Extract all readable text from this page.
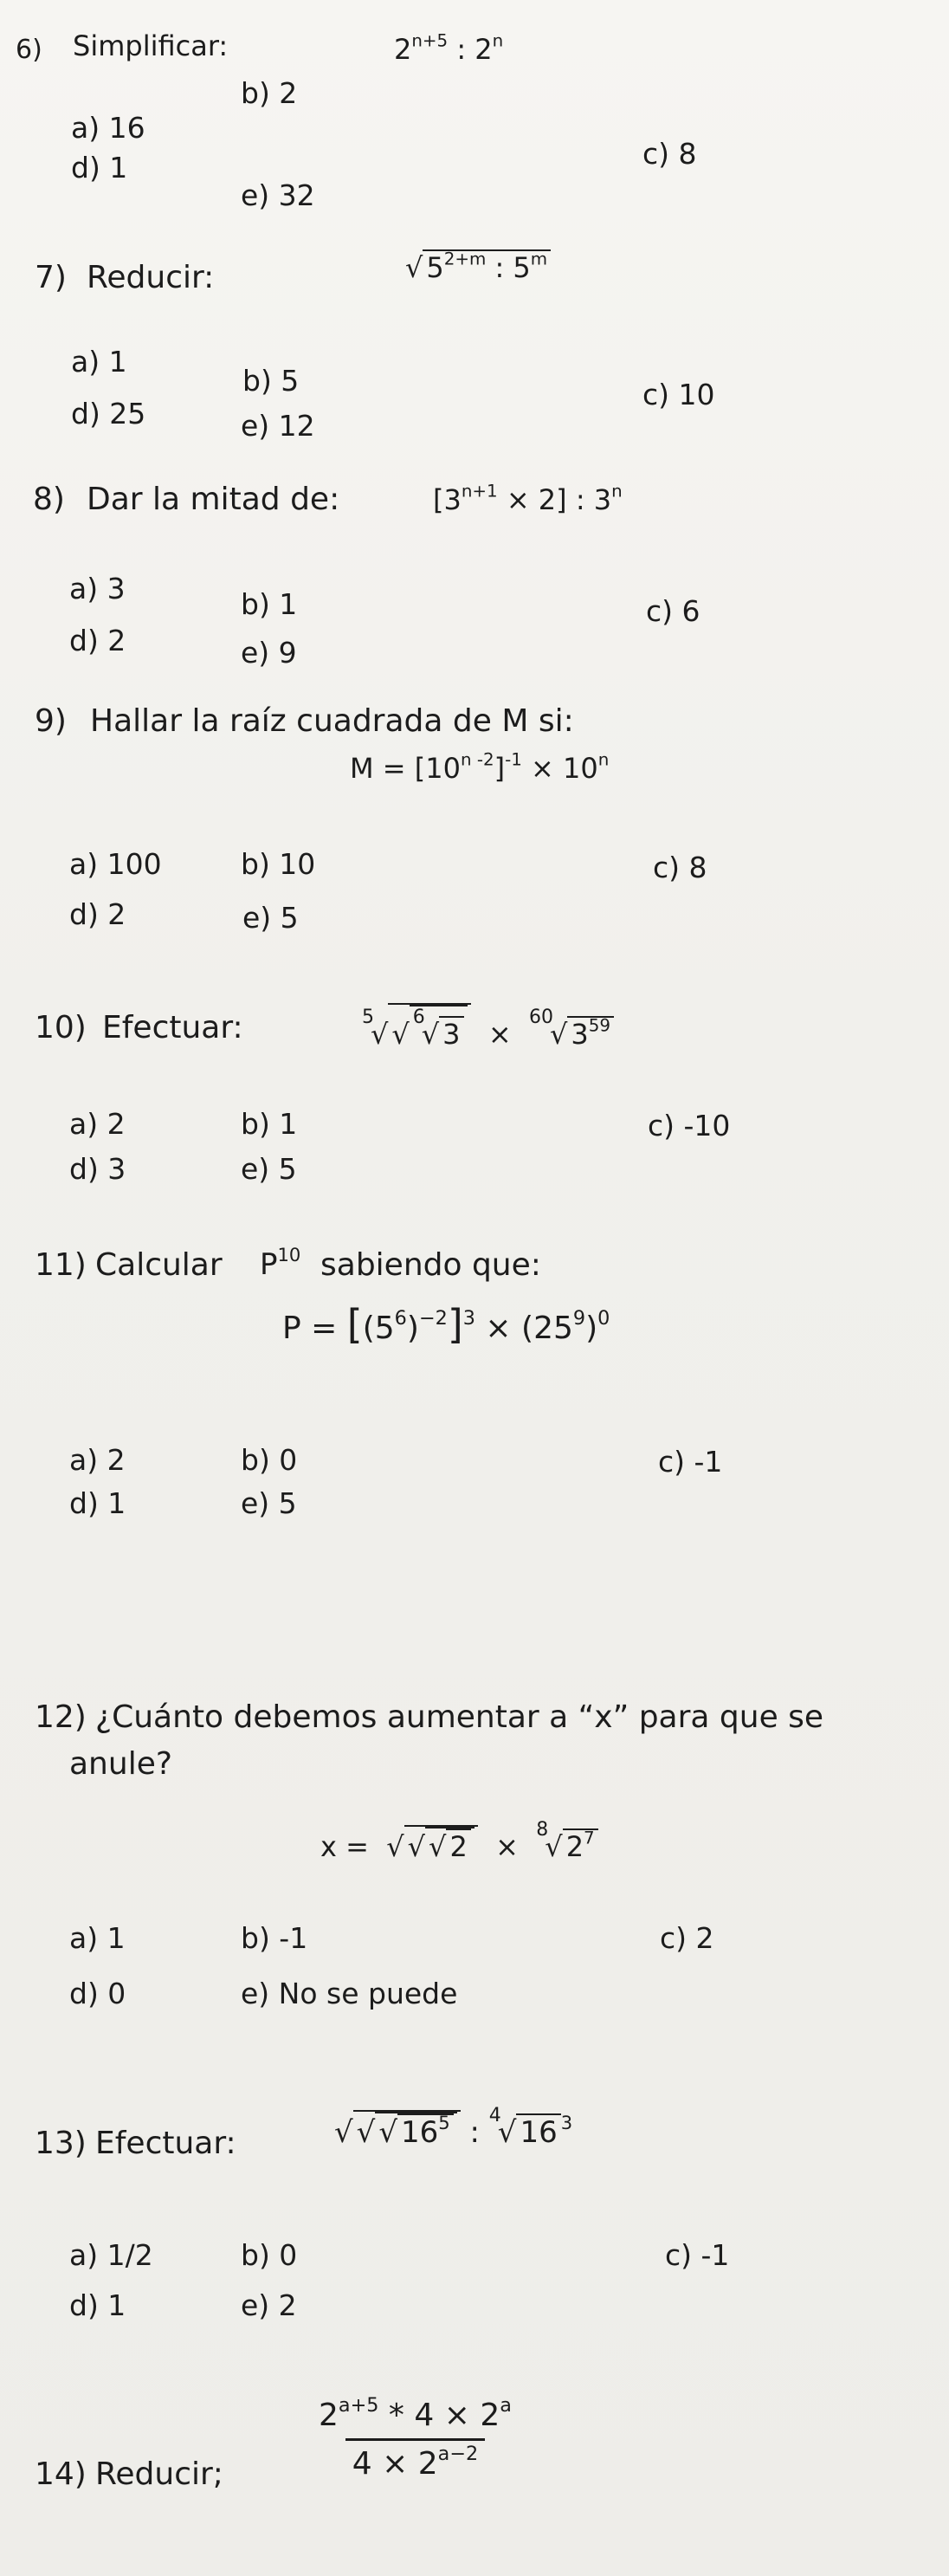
6) Simplificar:	$2^{n+5}$ : 2$^n$
a) 16
b) 2
c) 8
d) 1
e) 32
7) Reducir:	√ $5^{2+m}$ : 5$^m$
a) 1
b) 5	c) 10
d) 25	e) 12
8) Dar la mitad de:	$[3^{n+1} \times 2]$ : 3$^n$
a) 3	b) 1	c) 6
d) 2	e) 9
9) Hallar la raíz cuadrada de M si:
$M = [10^{n -2}]^{-1} \times 10^n$
a) 100	b) 10	c) 8
d) 2	e) 5
10) Efectuar:	$^5$√ √$^6$√ 3  ×  $^{60}$√ $3^{59}$
a) 2	b) 1	c) -10
d) 3	e) 5
11) Calcular $P^{10}$ sabiendo que:
$P = [(5^6)^{-2}]^3 \times (25^9)^0$
a) 2	b) 0	c) -1
d) 1	e) 5
12) ¿Cuánto debemos aumentar a “x” para que se
anule?
x =  √ √ √ 2  ×  $^8$√ $2^7$
a) 1	b) -1	c) 2
d) 0	e) No se puede
13) Efectuar:	√ √ √ $16^5$ : $^4$√ 16 $^3$
a) 1/2	b) 0	c) -1
d) 1	e) 2
14) Reducir;	$\frac{2^{a+5} * 4 \times 2^a}{4 \times 2^{a-2}}$
